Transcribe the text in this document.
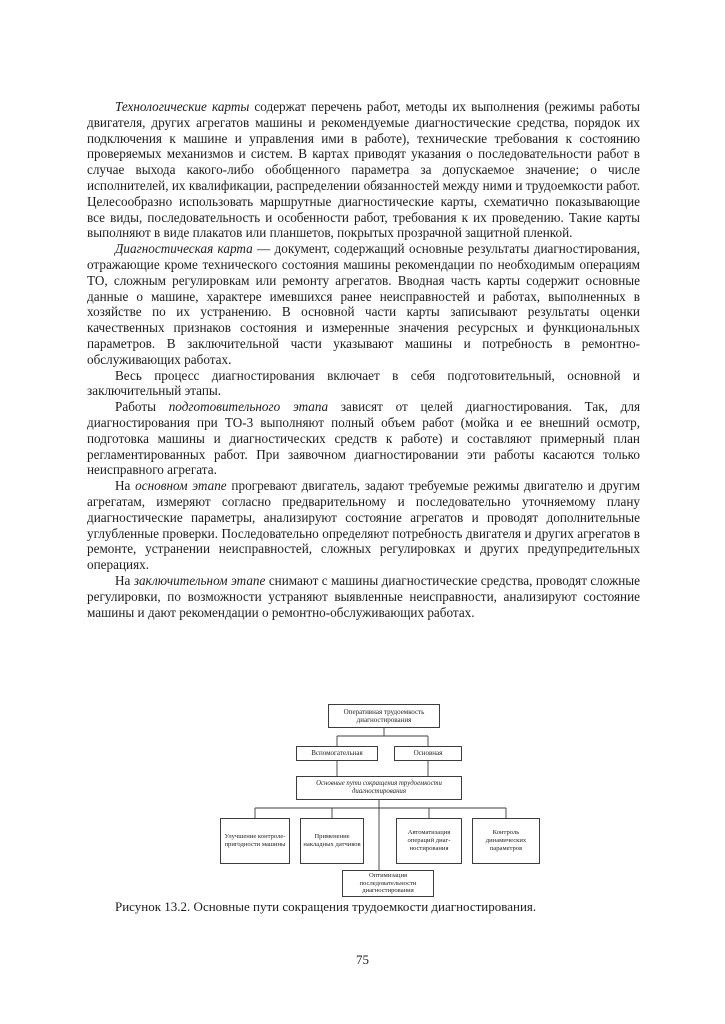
Технологические карты содержат перечень работ, методы их выполнения (режимы работы двигателя, других агрегатов машины и рекомендуемые диагностические средства, порядок их подключения к машине и управления ими в работе), технические требования к состоянию проверяемых механизмов и систем. В картах приводят указания о последовательности работ в случае выхода какого-либо обобщенного параметра за допускаемое значение; о числе исполнителей, их квалификации, распределении обязанностей между ними и трудоемкости работ. Целесообразно использовать маршрутные диагностические карты, схематично показывающие все виды, последовательность и особенности работ, требования к их проведению. Такие карты выполняют в виде плакатов или планшетов, покрытых прозрачной защитной пленкой.

Диагностическая карта — документ, содержащий основные результаты диагностирования, отражающие кроме технического состояния машины рекомендации по необходимым операциям ТО, сложным регулировкам или ремонту агрегатов. Вводная часть карты содержит основные данные о машине, характере имевшихся ранее неисправностей и работах, выполненных в хозяйстве по их устранению. В основной части карты записывают результаты оценки качественных признаков состояния и измеренные значения ресурсных и функциональных параметров. В заключительной части указывают машины и потребность в ремонтно-обслуживающих работах.

Весь процесс диагностирования включает в себя подготовительный, основной и заключительный этапы.

Работы подготовительного этапа зависят от целей диагностирования. Так, для диагностирования при ТО-3 выполняют полный объем работ (мойка и ее внешний осмотр, подготовка машины и диагностических средств к работе) и составляют примерный план регламентированных работ. При заявочном диагностировании эти работы касаются только неисправного агрегата.

На основном этапе прогревают двигатель, задают требуемые режимы двигателю и другим агрегатам, измеряют согласно предварительному и последовательно уточняемому плану диагностические параметры, анализируют состояние агрегатов и проводят дополнительные углубленные проверки. Последовательно определяют потребность двигателя и других агрегатов в ремонте, устранении неисправностей, сложных регулировках и других предупредительных операциях.

На заключительном этапе снимают с машины диагностические средства, проводят сложные регулировки, по возможности устраняют выявленные неисправности, анализируют состояние машины и дают рекомендации о ремонтно-обслуживающих работах.

Оперативная трудоемкость диагностирования
Вспомогательная	Основная
Основные пути сокращения трудоемкости диагностирования
Улучшение контроле-пригодности машины
Применение накладных датчиков
Автоматизация операций диаг-ностирования
Контроль динамических параметров
Оптимизация последовательности диагностирования

Рисунок 13.2. Основные пути сокращения трудоемкости диагностирования.

75
